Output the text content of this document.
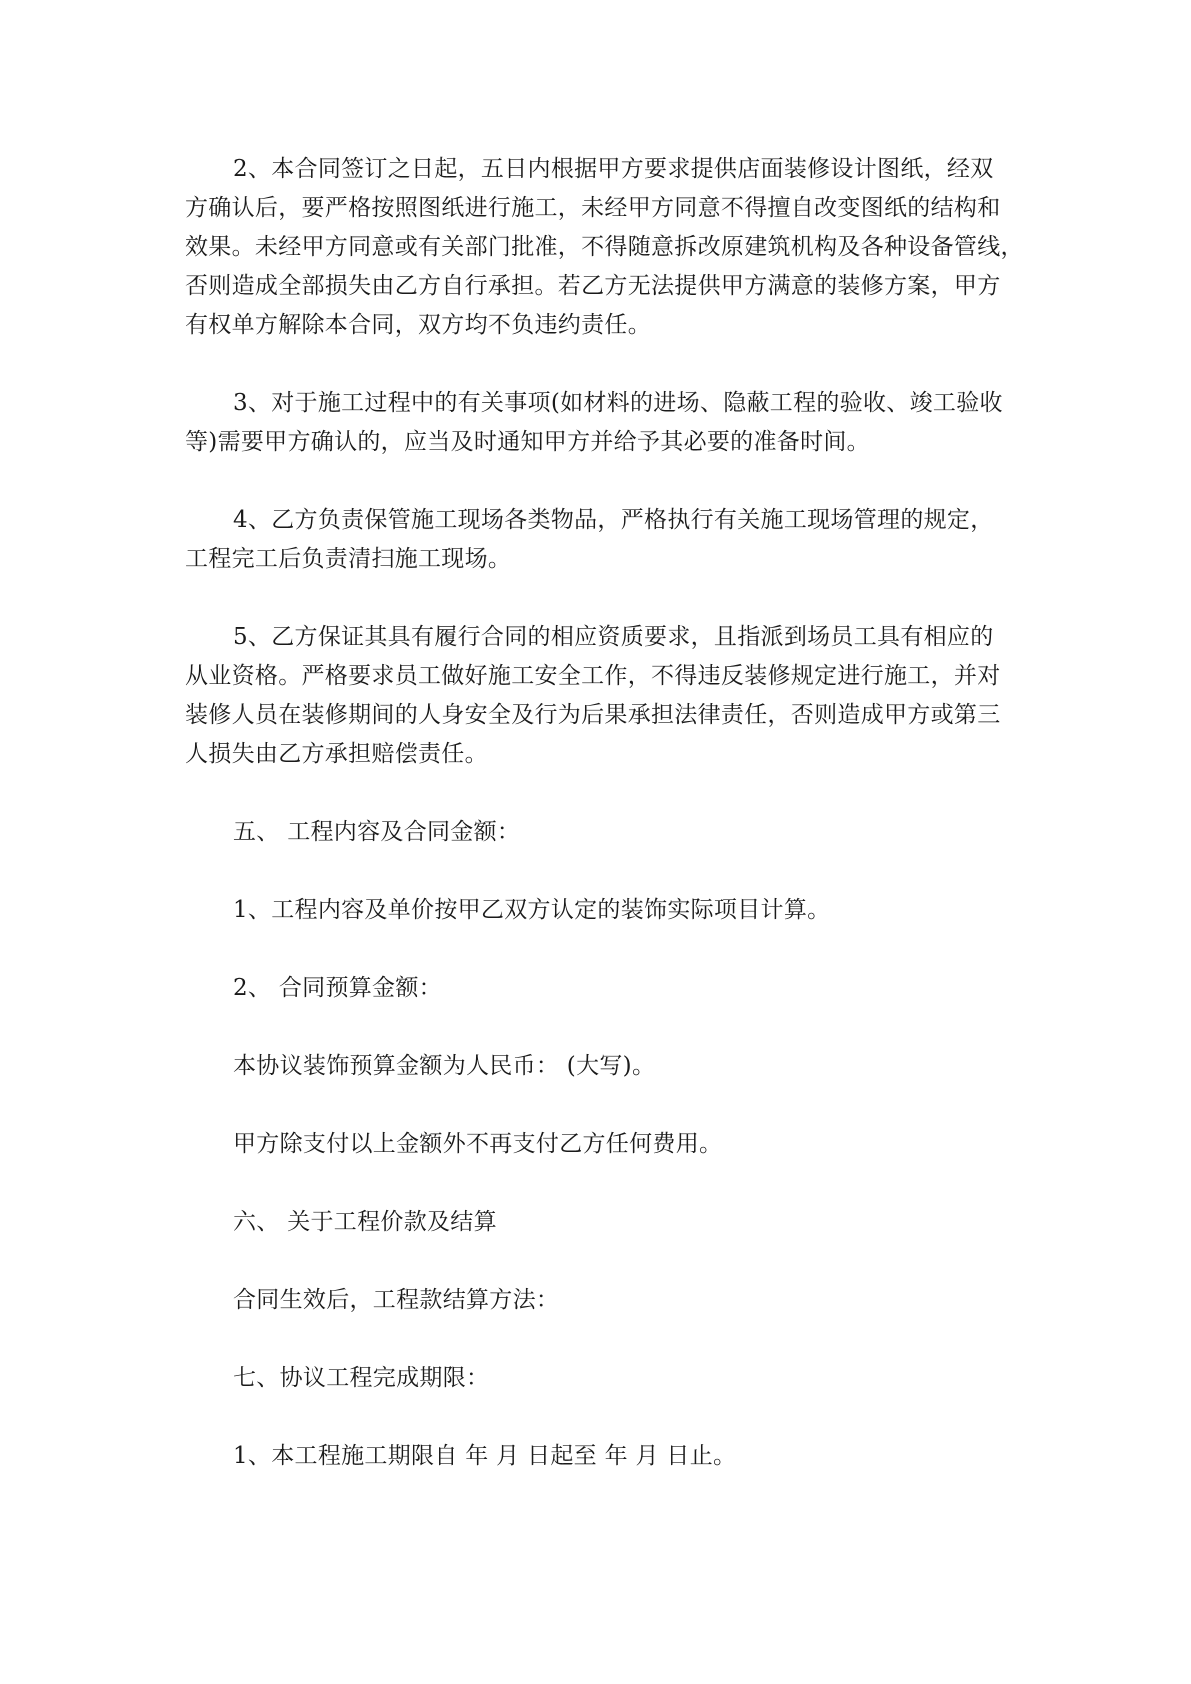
2、本合同签订之日起，五日内根据甲方要求提供店面装修设计图纸，经双
方确认后，要严格按照图纸进行施工，未经甲方同意不得擅自改变图纸的结构和
效果。未经甲方同意或有关部门批准，不得随意拆改原建筑机构及各种设备管线，
否则造成全部损失由乙方自行承担。若乙方无法提供甲方满意的装修方案，甲方
有权单方解除本合同，双方均不负违约责任。
3、对于施工过程中的有关事项(如材料的进场、隐蔽工程的验收、竣工验收
等)需要甲方确认的，应当及时通知甲方并给予其必要的准备时间。
4、乙方负责保管施工现场各类物品，严格执行有关施工现场管理的规定，
工程完工后负责清扫施工现场。
5、乙方保证其具有履行合同的相应资质要求，且指派到场员工具有相应的
从业资格。严格要求员工做好施工安全工作，不得违反装修规定进行施工，并对
装修人员在装修期间的人身安全及行为后果承担法律责任，否则造成甲方或第三
人损失由乙方承担赔偿责任。
五、 工程内容及合同金额：
1、工程内容及单价按甲乙双方认定的装饰实际项目计算。
2、 合同预算金额：
本协议装饰预算金额为人民币： (大写)。
甲方除支付以上金额外不再支付乙方任何费用。
六、 关于工程价款及结算
合同生效后，工程款结算方法：
七、协议工程完成期限：
1、本工程施工期限自 年 月 日起至 年 月 日止。
